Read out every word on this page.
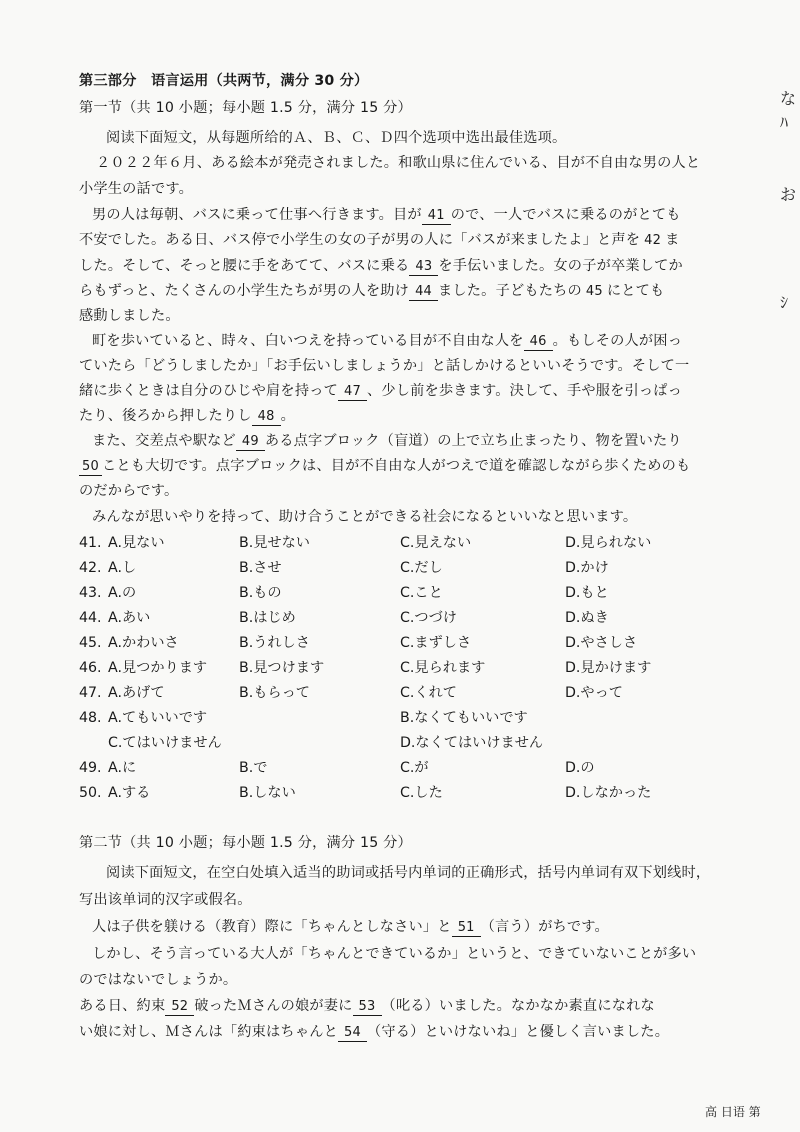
第三部分　语言运用（共两节，满分 30 分）
第一节（共 10 小题；每小题 1.5 分，满分 15 分）
阅读下面短文，从每题所给的Ａ、Ｂ、Ｃ、Ｄ四个选项中选出最佳选项。
２０２２年６月、ある絵本が発売されました。和歌山県に住んでいる、目が不自由な男の人と
小学生の話です。
男の人は毎朝、バスに乗って仕事へ行きます。目が 41 ので、一人でバスに乗るのがとても
不安でした。ある日、バス停で小学生の女の子が男の人に「バスが来ましたよ」と声を 42 ま
した。そして、そっと腰に手をあてて、バスに乗る 43 を手伝いました。女の子が卒業してか
らもずっと、たくさんの小学生たちが男の人を助け 44 ました。子どもたちの 45 にとても
感動しました。
町を歩いていると、時々、白いつえを持っている目が不自由な人を 46 。もしその人が困っ
ていたら「どうしましたか」「お手伝いしましょうか」と話しかけるといいそうです。そして一
緒に歩くときは自分のひじや肩を持って 47 、少し前を歩きます。決して、手や服を引っぱっ
たり、後ろから押したりし 48 。
また、交差点や駅など 49 ある点字ブロック（盲道）の上で立ち止まったり、物を置いたり
50 ことも大切です。点字ブロックは、目が不自由な人がつえで道を確認しながら歩くためのも
のだからです。
みんなが思いやりを持って、助け合うことができる社会になるといいなと思います。
41. A.見ない	B.見せない	C.見えない	D.見られない
42. A.し	B.させ	C.だし	D.かけ
43. A.の	B.もの	C.こと	D.もと
44. A.あい	B.はじめ	C.つづけ	D.ぬき
45. A.かわいさ	B.うれしさ	C.まずしさ	D.やさしさ
46. A.見つかります B.見つけます	C.見られます	D.見かけます
47. A.あげて	B.もらって	C.くれて	D.やって
48. A.てもいいです	B.なくてもいいです
C.てはいけません	D.なくてはいけません
49. A.に	B.で	C.が	D.の
50. A.する	B.しない	C.した	D.しなかった
第二节（共 10 小题；每小题 1.5 分，满分 15 分）
阅读下面短文，在空白处填入适当的助词或括号内单词的正确形式，括号内单词有双下划线时，
写出该单词的汉字或假名。
人は子供を躾ける（教育）際に「ちゃんとしなさい」と 51 （言う）がちです。
しかし、そう言っている大人が「ちゃんとできているか」というと、できていないことが多い
のではないでしょうか。
ある日、約束 52 破ったＭさんの娘が妻に 53 （叱る）いました。なかなか素直になれな
い娘に対し、Ｍさんは「約束はちゃんと 54 （守る）といけないね」と優しく言いました。
な
ﾊ
お
ｼ
高 日语 第
